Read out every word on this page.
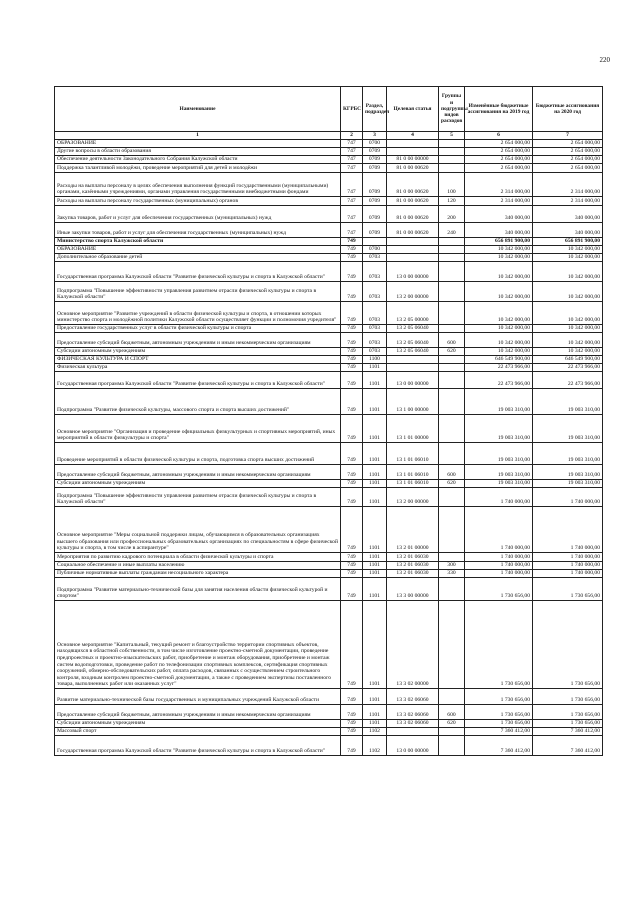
220
Наименование	КГРБС	Раздел, подраздел	Целевая статья	Группы и подгруппы видов расходов	Изменённые бюджетные ассигнования на 2019 год	Бюджетные ассигнования на 2020 год
1	2	3	4	5	6	7
ОБРАЗОВАНИЕ	747	0700			2 654 000,00	2 654 000,00
Другие вопросы в области образования	747	0709			2 654 000,00	2 654 000,00
Обеспечение деятельности Законодательного Собрания Калужской области	747	0709	81 0 00 00000		2 654 000,00	2 654 000,00
Поддержка талантливой молодёжи, проведение мероприятий для детей и молодёжи	747	0709	81 0 00 00620		2 654 000,00	2 654 000,00
Расходы на выплаты персоналу в целях обеспечения выполнения функций государственными (муниципальными) органами, казёнными учреждениями, органами управления государственными внебюджетными фондами	747	0709	81 0 00 00620	100	2 314 000,00	2 314 000,00
Расходы на выплаты персоналу государственных (муниципальных) органов	747	0709	81 0 00 00620	120	2 314 000,00	2 314 000,00
Закупка товаров, работ и услуг для обеспечения государственных (муниципальных) нужд	747	0709	81 0 00 00620	200	340 000,00	340 000,00
Иные закупки товаров, работ и услуг для обеспечения государственных (муниципальных) нужд	747	0709	81 0 00 00620	240	340 000,00	340 000,00
Министерство спорта Калужской области	749				656 891 900,00	656 891 900,00
ОБРАЗОВАНИЕ	749	0700			10 342 000,00	10 342 000,00
Дополнительное образование детей	749	0703			10 342 000,00	10 342 000,00
Государственная программа Калужской области "Развитие физической культуры и спорта в Калужской области"	749	0703	13 0 00 00000		10 342 000,00	10 342 000,00
Подпрограмма "Повышение эффективности управления развитием отрасли физической культуры и спорта в Калужской области"	749	0703	13 2 00 00000		10 342 000,00	10 342 000,00
Основное мероприятие "Развитие учреждений в области физической культуры и спорта, в отношении которых министерство спорта и молодёжной политики Калужской области осуществляет функции и полномочия учредителя"	749	0703	13 2 05 00000		10 342 000,00	10 342 000,00
Предоставление государственных услуг в области физической культуры и спорта	749	0703	13 2 05 06040		10 342 000,00	10 342 000,00
Предоставление субсидий бюджетным, автономным учреждениям и иным некоммерческим организациям	749	0703	13 2 05 06040	600	10 342 000,00	10 342 000,00
Субсидии автономным учреждениям	749	0703	13 2 05 06040	620	10 342 000,00	10 342 000,00
ФИЗИЧЕСКАЯ КУЛЬТУРА И СПОРТ	749	1100			646 549 900,00	646 549 900,00
Физическая культура	749	1101			22 473 966,00	22 473 966,00
Государственная программа Калужской области "Развитие физической культуры и спорта в Калужской области"	749	1101	13 0 00 00000		22 473 966,00	22 473 966,00
Подпрограмма "Развитие физической культуры, массового спорта и спорта высших достижений"	749	1101	13 1 00 00000		19 003 310,00	19 003 310,00
Основное мероприятие "Организация и проведение официальных физкультурных и спортивных мероприятий, иных мероприятий в области физкультуры и спорта"	749	1101	13 1 01 00000		19 003 310,00	19 003 310,00
Проведение мероприятий в области физической культуры и спорта, подготовка спорта высших достижений	749	1101	13 1 01 06010		19 003 310,00	19 003 310,00
Предоставление субсидий бюджетным, автономным учреждениям и иным некоммерческим организациям	749	1101	13 1 01 06010	600	19 003 310,00	19 003 310,00
Субсидии автономным учреждениям	749	1101	13 1 01 06010	620	19 003 310,00	19 003 310,00
Подпрограмма "Повышение эффективности управления развитием отрасли физической культуры и спорта в Калужской области"	749	1101	13 2 00 00000		1 740 000,00	1 740 000,00
Основное мероприятие "Меры социальной поддержки лицам, обучающимся в образовательных организациях высшего образования или профессиональных образовательных организациях по специальностям в сфере физической культуры и спорта, в том числе в аспирантуре"	749	1101	13 2 01 00000		1 740 000,00	1 740 000,00
Мероприятия по развитию кадрового потенциала в области физической культуры и спорта	749	1101	13 2 01 06030		1 740 000,00	1 740 000,00
Социальное обеспечение и иные выплаты населению	749	1101	13 2 01 06030	300	1 740 000,00	1 740 000,00
Публичные нормативные выплаты гражданам несоциального характера	749	1101	13 2 01 06030	330	1 740 000,00	1 740 000,00
Подпрограмма "Развитие материально-технической базы для занятия населения области физической культурой и спортом"	749	1101	13 3 00 00000		1 730 656,00	1 730 656,00
Основное мероприятие "Капитальный, текущий ремонт и благоустройство территории спортивных объектов, находящихся в областной собственности, в том числе изготовление проектно-сметной документации, проведение предпроектных и проектно-изыскательских работ, приобретение и монтаж оборудования, приобретение и монтаж систем водоподготовки, проведение работ по телефонизации спортивных комплексов, сертификация спортивных сооружений, обмерно-обследовательских работ, оплата расходов, связанных с осуществлением строительного контроля, входным контролем проектно-сметной документации, а также с проведением экспертизы поставленного товара, выполненных работ или оказанных услуг"	749	1101	13 3 02 00000		1 730 656,00	1 730 656,00
Развитие материально-технической базы государственных и муниципальных учреждений Калужской области	749	1101	13 3 02 06060		1 730 656,00	1 730 656,00
Предоставление субсидий бюджетным, автономным учреждениям и иным некоммерческим организациям	749	1101	13 3 02 06060	600	1 730 656,00	1 730 656,00
Субсидии автономным учреждениям	749	1101	13 3 02 06060	620	1 730 656,00	1 730 656,00
Массовый спорт	749	1102			7 360 412,00	7 360 412,00
Государственная программа Калужской области "Развитие физической культуры и спорта в Калужской области"	749	1102	13 0 00 00000		7 360 412,00	7 360 412,00
